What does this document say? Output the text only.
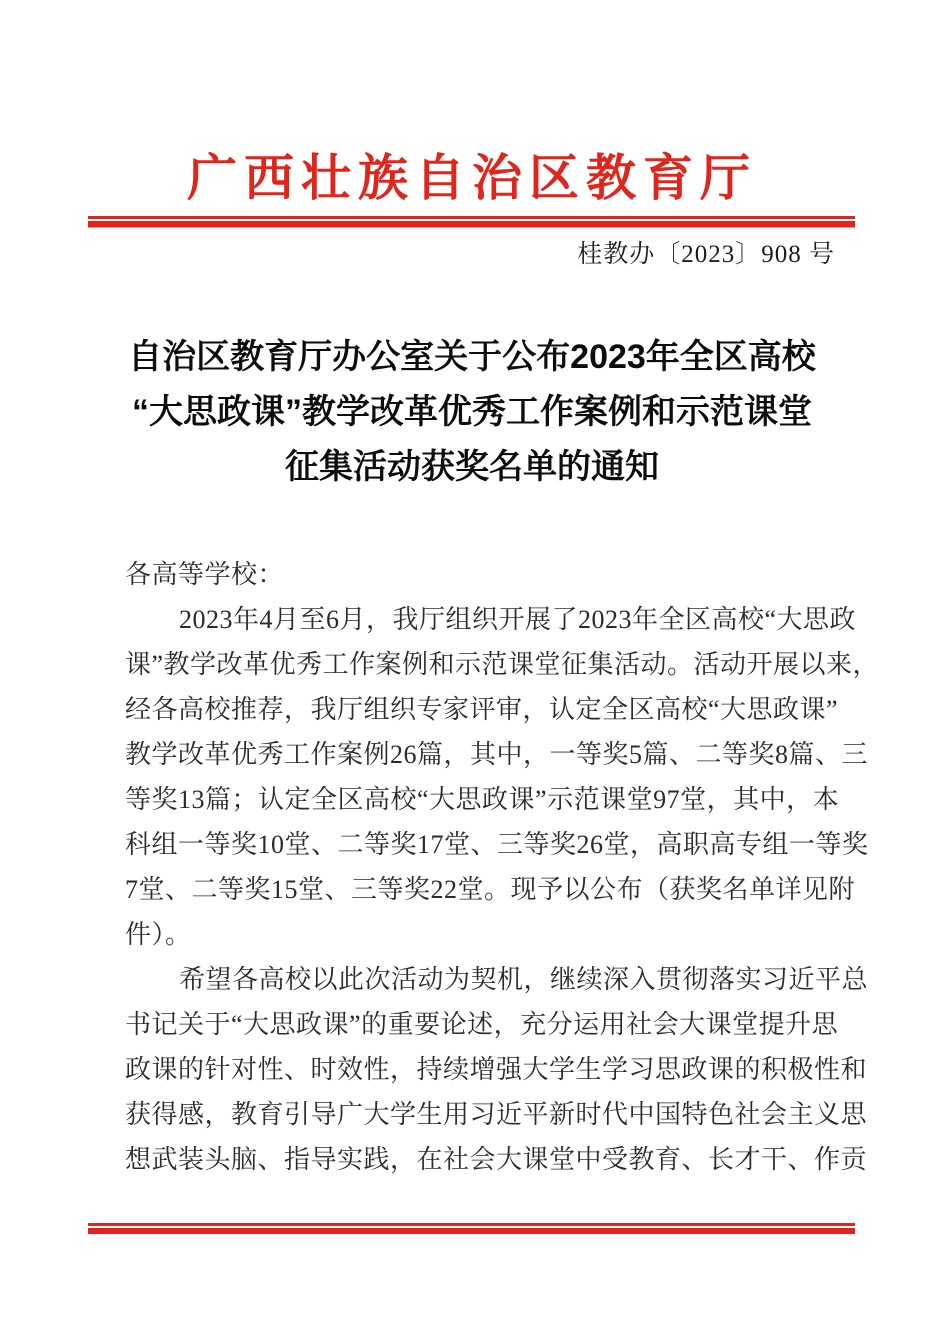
广西壮族自治区教育厅
桂教办〔2023〕908 号
自治区教育厅办公室关于公布2023年全区高校
“大思政课”教学改革优秀工作案例和示范课堂
征集活动获奖名单的通知
各高等学校：
2023年4月至6月，我厅组织开展了2023年全区高校“大思政
课”教学改革优秀工作案例和示范课堂征集活动。活动开展以来，
经各高校推荐，我厅组织专家评审，认定全区高校“大思政课”
教学改革优秀工作案例26篇，其中，一等奖5篇、二等奖8篇、三
等奖13篇；认定全区高校“大思政课”示范课堂97堂，其中，本
科组一等奖10堂、二等奖17堂、三等奖26堂，高职高专组一等奖
7堂、二等奖15堂、三等奖22堂。现予以公布（获奖名单详见附
件）。
希望各高校以此次活动为契机，继续深入贯彻落实习近平总
书记关于“大思政课”的重要论述，充分运用社会大课堂提升思
政课的针对性、时效性，持续增强大学生学习思政课的积极性和
获得感，教育引导广大学生用习近平新时代中国特色社会主义思
想武装头脑、指导实践，在社会大课堂中受教育、长才干、作贡
